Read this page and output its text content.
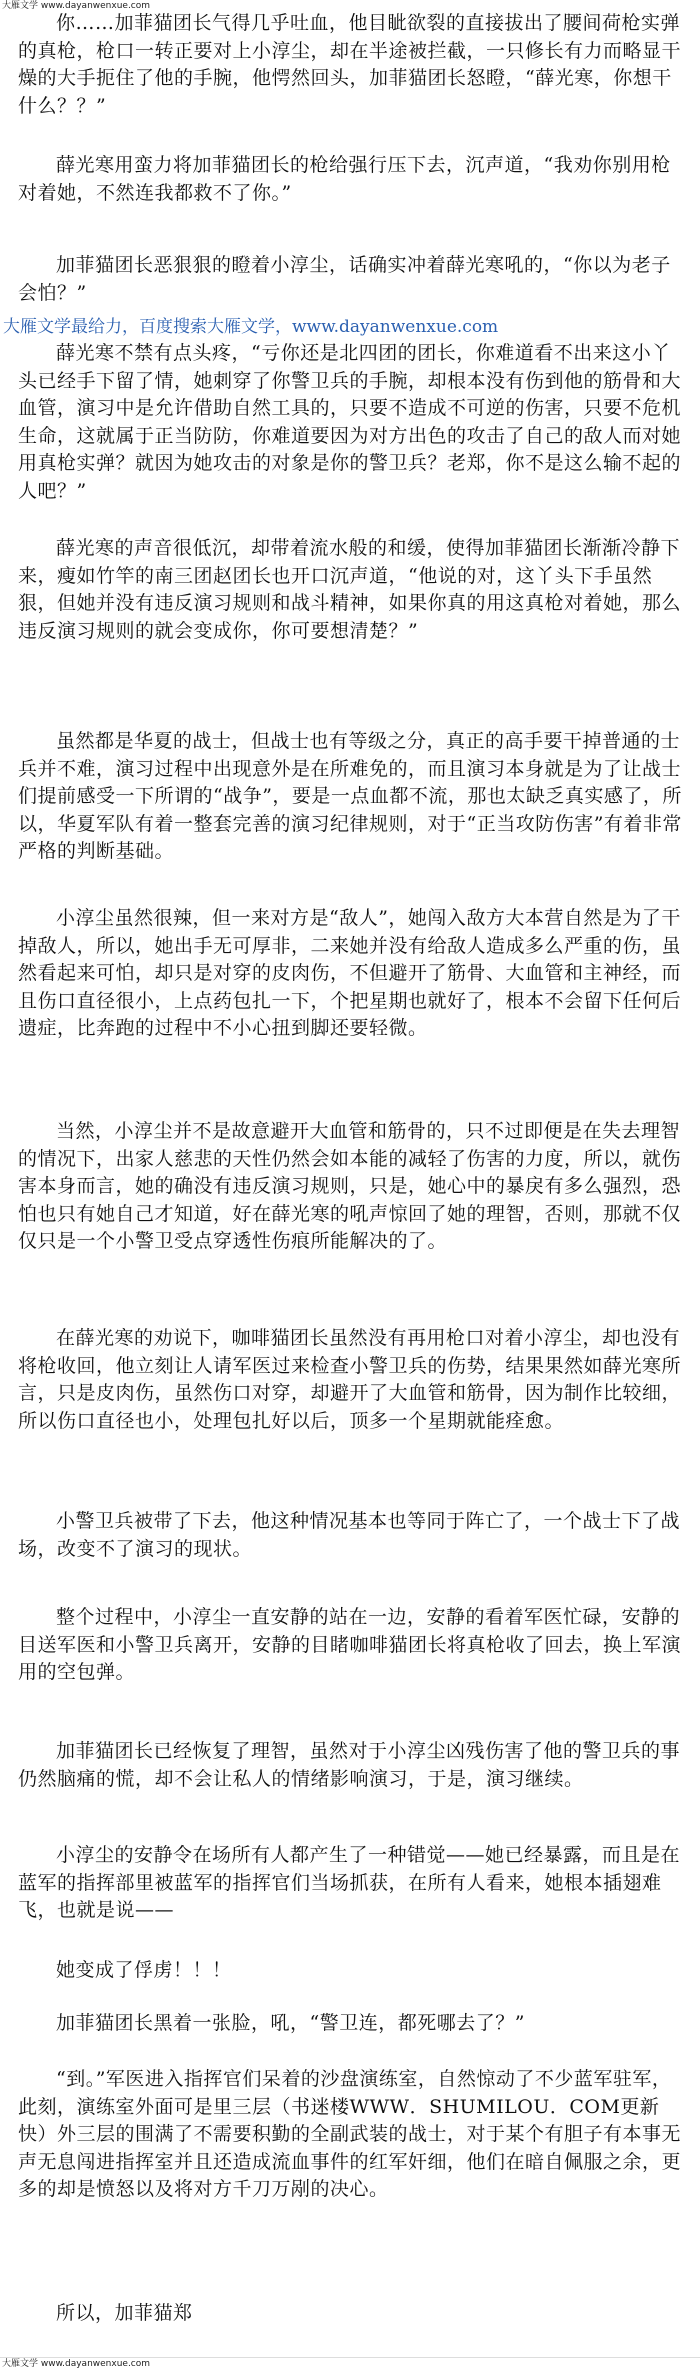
大雁文学 www.dayanwenxue.com

你……加菲猫团长气得几乎吐血，他目眦欲裂的直接拔出了腰间荷枪实弹的真枪，枪口一转正要对上小淳尘，却在半途被拦截，一只修长有力而略显干燥的大手扼住了他的手腕，他愕然回头，加菲猫团长怒瞪，“薛光寒，你想干什么？？”

薛光寒用蛮力将加菲猫团长的枪给强行压下去，沉声道，“我劝你别用枪对着她，不然连我都救不了你。”

加菲猫团长恶狠狠的瞪着小淳尘，话确实冲着薛光寒吼的，“你以为老子会怕？”

大雁文学最给力，百度搜索大雁文学，www.dayanwenxue.com

薛光寒不禁有点头疼，“亏你还是北四团的团长，你难道看不出来这小丫头已经手下留了情，她刺穿了你警卫兵的手腕，却根本没有伤到他的筋骨和大血管，演习中是允许借助自然工具的，只要不造成不可逆的伤害，只要不危机生命，这就属于正当防防，你难道要因为对方出色的攻击了自己的敌人而对她用真枪实弹？就因为她攻击的对象是你的警卫兵？老郑，你不是这么输不起的人吧？”

薛光寒的声音很低沉，却带着流水般的和缓，使得加菲猫团长渐渐冷静下来，瘦如竹竿的南三团赵团长也开口沉声道，“他说的对，这丫头下手虽然狠，但她并没有违反演习规则和战斗精神，如果你真的用这真枪对着她，那么违反演习规则的就会变成你，你可要想清楚？”

虽然都是华夏的战士，但战士也有等级之分，真正的高手要干掉普通的士兵并不难，演习过程中出现意外是在所难免的，而且演习本身就是为了让战士们提前感受一下所谓的“战争”，要是一点血都不流，那也太缺乏真实感了，所以，华夏军队有着一整套完善的演习纪律规则，对于“正当攻防伤害”有着非常严格的判断基础。

小淳尘虽然很辣，但一来对方是“敌人”，她闯入敌方大本营自然是为了干掉敌人，所以，她出手无可厚非，二来她并没有给敌人造成多么严重的伤，虽然看起来可怕，却只是对穿的皮肉伤，不但避开了筋骨、大血管和主神经，而且伤口直径很小，上点药包扎一下，个把星期也就好了，根本不会留下任何后遗症，比奔跑的过程中不小心扭到脚还要轻微。

当然，小淳尘并不是故意避开大血管和筋骨的，只不过即便是在失去理智的情况下，出家人慈悲的天性仍然会如本能的减轻了伤害的力度，所以，就伤害本身而言，她的确没有违反演习规则，只是，她心中的暴戾有多么强烈，恐怕也只有她自己才知道，好在薛光寒的吼声惊回了她的理智，否则，那就不仅仅只是一个小警卫受点穿透性伤痕所能解决的了。

在薛光寒的劝说下，咖啡猫团长虽然没有再用枪口对着小淳尘，却也没有将枪收回，他立刻让人请军医过来检查小警卫兵的伤势，结果果然如薛光寒所言，只是皮肉伤，虽然伤口对穿，却避开了大血管和筋骨，因为制作比较细，所以伤口直径也小，处理包扎好以后，顶多一个星期就能痊愈。

小警卫兵被带了下去，他这种情况基本也等同于阵亡了，一个战士下了战场，改变不了演习的现状。

整个过程中，小淳尘一直安静的站在一边，安静的看着军医忙碌，安静的目送军医和小警卫兵离开，安静的目睹咖啡猫团长将真枪收了回去，换上军演用的空包弹。

加菲猫团长已经恢复了理智，虽然对于小淳尘凶残伤害了他的警卫兵的事仍然脑痛的慌，却不会让私人的情绪影响演习，于是，演习继续。

小淳尘的安静令在场所有人都产生了一种错觉——她已经暴露，而且是在蓝军的指挥部里被蓝军的指挥官们当场抓获，在所有人看来，她根本插翅难飞，也就是说——

她变成了俘虏！！！

加菲猫团长黑着一张脸，吼，“警卫连，都死哪去了？”

“到。”军医进入指挥官们呆着的沙盘演练室，自然惊动了不少蓝军驻军，此刻，演练室外面可是里三层（书迷楼WWW．SHUMILOU．COM更新快）外三层的围满了不需要积勤的全副武装的战士，对于某个有胆子有本事无声无息闯进指挥室并且还造成流血事件的红军奸细，他们在暗自佩服之余，更多的却是愤怒以及将对方千刀万剐的决心。

所以，加菲猫郑

大雁文学 www.dayanwenxue.com
